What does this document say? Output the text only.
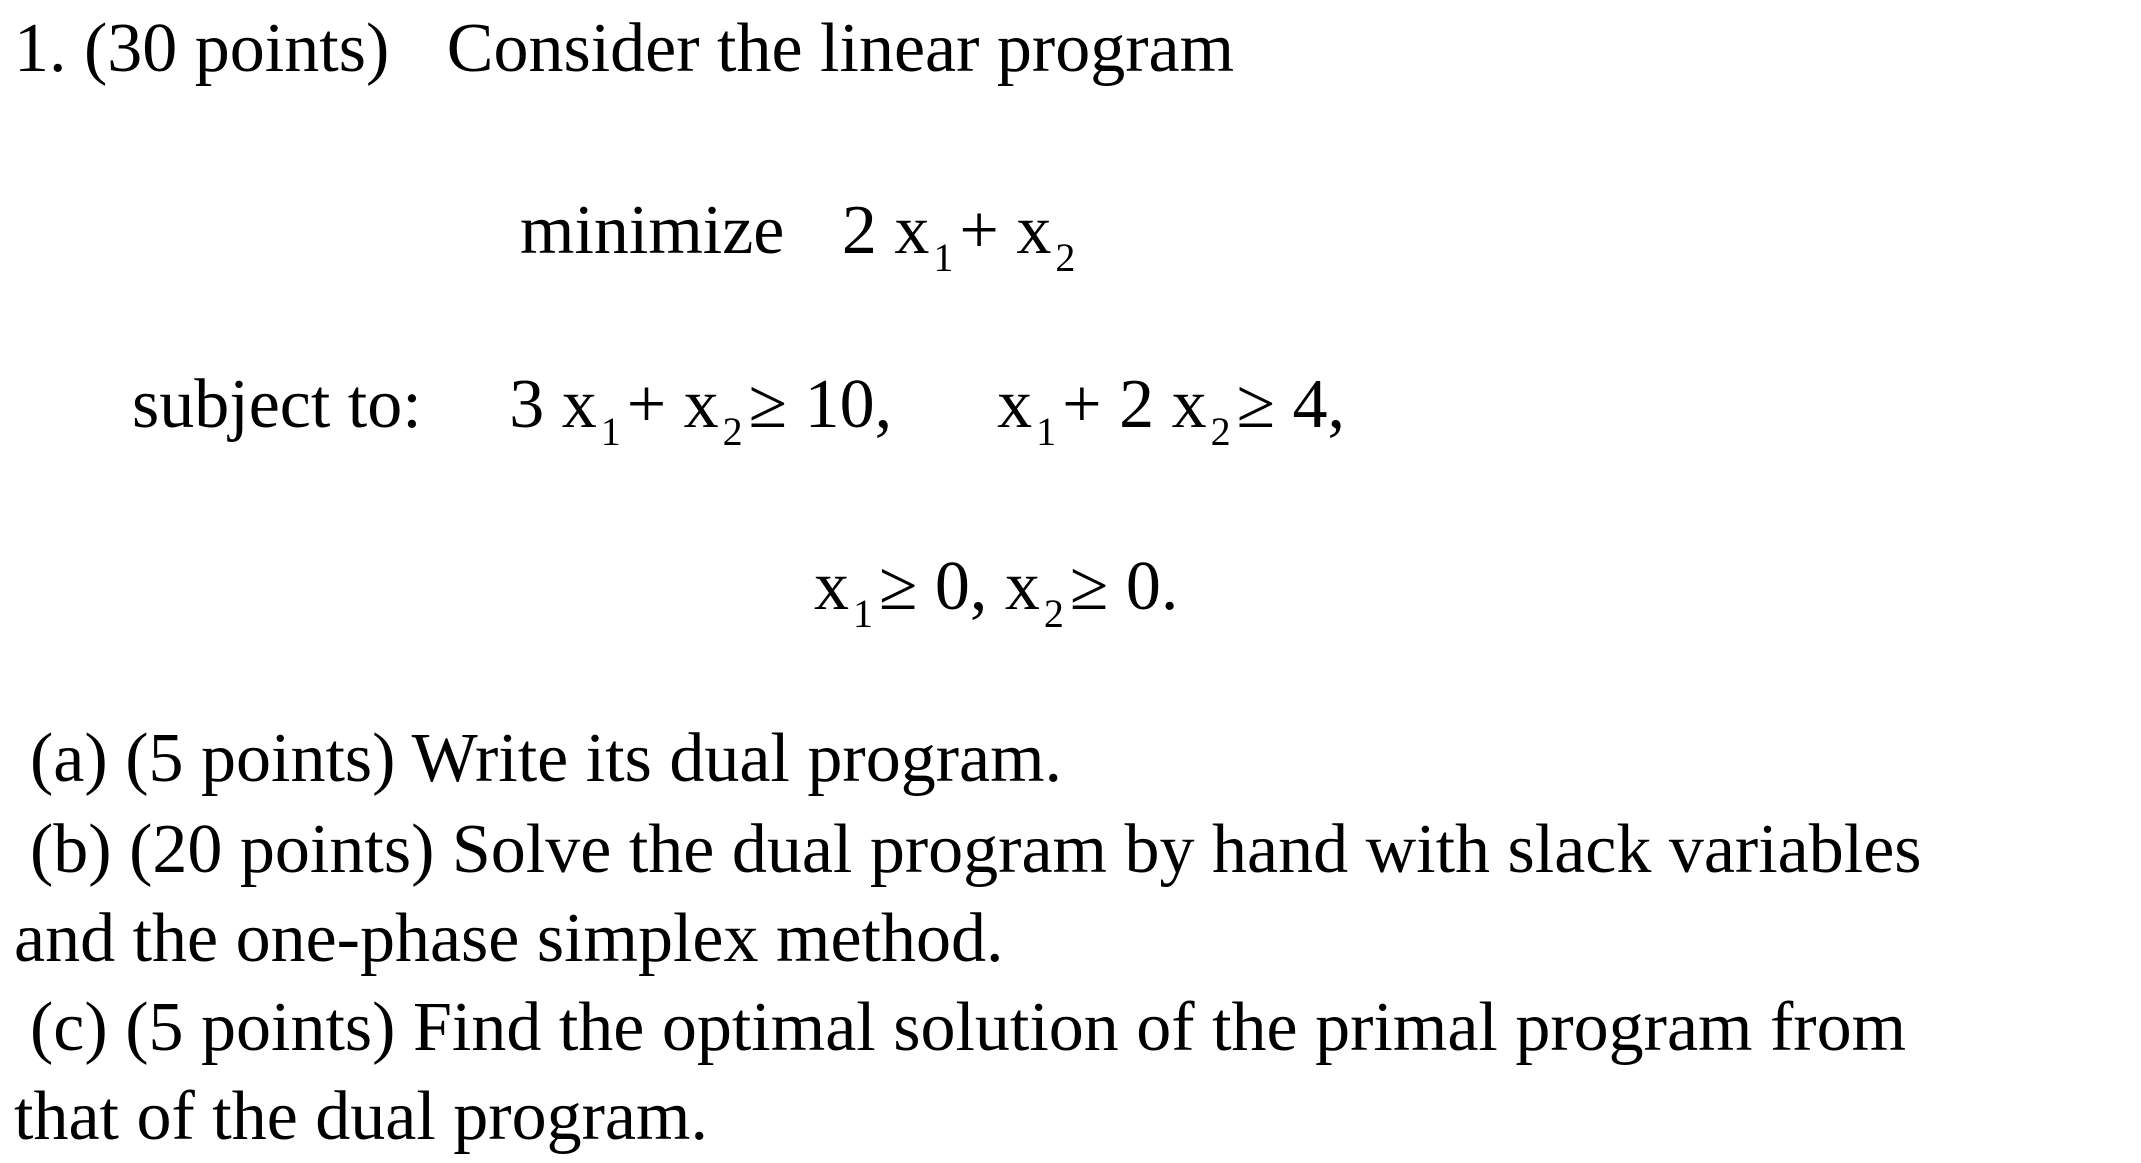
1. (30 points) Consider the linear program
minimize 2 x $_1$+ x $_2$
subject to: 3 x $_1$+ x $_2$≥ 10, x $_1$+ 2 x $_2$≥ 4,
x $_1$≥ 0, x $_2$≥ 0.
(a) (5 points) Write its dual program.
(b) (20 points) Solve the dual program by hand with slack variables
and the one-phase simplex method.
(c) (5 points) Find the optimal solution of the primal program from
that of the dual program.
